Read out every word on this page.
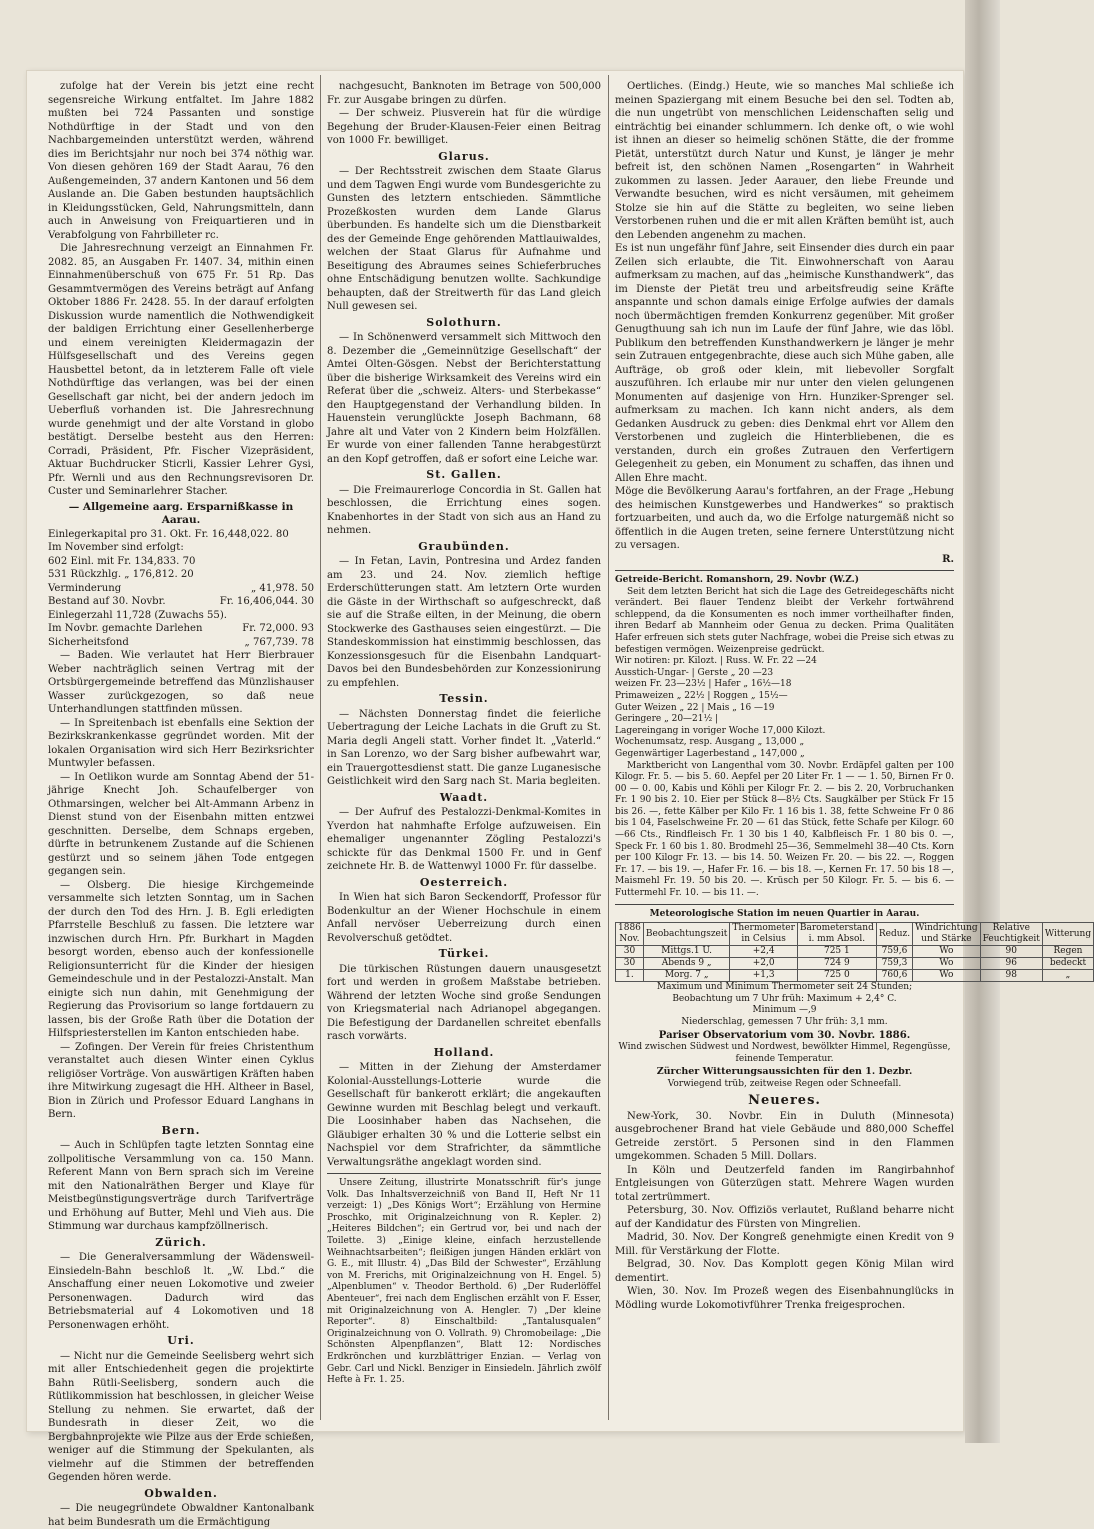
zufolge hat der Verein bis jetzt eine recht segensreiche Wirkung entfaltet. Im Jahre 1882 mußten bei 724 Passanten und sonstige Nothdürftige in der Stadt und von den Nachbargemeinden unterstützt werden, während dies im Berichtsjahr nur noch bei 374 nöthig war. Von diesen gehören 169 der Stadt Aarau, 76 den Außengemeinden, 37 andern Kantonen und 56 dem Auslande an. Die Gaben bestunden hauptsächlich in Kleidungsstücken, Geld, Nahrungsmitteln, dann auch in Anweisung von Freiquartieren und in Verabfolgung von Fahrbilleter rc.

Die Jahresrechnung verzeigt an Einnahmen Fr. 2082. 85, an Ausgaben Fr. 1407. 34, mithin einen Einnahmenüberschuß von 675 Fr. 51 Rp. Das Gesammtvermögen des Vereins beträgt auf Anfang Oktober 1886 Fr. 2428. 55. In der darauf erfolgten Diskussion wurde namentlich die Nothwendigkeit der baldigen Errichtung einer Gesellenherberge und einem vereinigten Kleidermagazin der Hülfsgesellschaft und des Vereins gegen Hausbettel betont, da in letzterem Falle oft viele Nothdürftige das verlangen, was bei der einen Gesellschaft gar nicht, bei der andern jedoch im Ueberfluß vorhanden ist. Die Jahresrechnung wurde genehmigt und der alte Vorstand in globo bestätigt. Derselbe besteht aus den Herren: Corradi, Präsident, Pfr. Fischer Vizepräsident, Aktuar Buchdrucker Sticrli, Kassier Lehrer Gysi, Pfr. Wernli und aus den Rechnungsrevisoren Dr. Custer und Seminarlehrer Stacher.

— Allgemeine aarg. Ersparnißkasse in Aarau.
Einlegerkapital pro 31. Okt. Fr. 16,448,022. 80
Im November sind erfolgt:
602 Einl. mit Fr. 134,833. 70
531 Rückzhlg. „ 176,812. 20
Verminderung	„ 41,978. 50
Bestand auf 30. Novbr.	Fr. 16,406,044. 30
Einlegerzahl 11,728 (Zuwachs 55).
Im Novbr. gemachte Darlehen	Fr. 72,000. 93
Sicherheitsfond	„ 767,739. 78

— Baden. Wie verlautet hat Herr Bierbrauer Weber nachträglich seinen Vertrag mit der Ortsbürgergemeinde betreffend das Münzlishauser Wasser zurückgezogen, so daß neue Unterhandlungen stattfinden müssen.

— In Spreitenbach ist ebenfalls eine Sektion der Bezirkskrankenkasse gegründet worden. Mit der lokalen Organisation wird sich Herr Bezirksrichter Muntwyler befassen.

— In Oetlikon wurde am Sonntag Abend der 51-jährige Knecht Joh. Schaufelberger von Othmarsingen, welcher bei Alt-Ammann Arbenz in Dienst stund von der Eisenbahn mitten entzwei geschnitten. Derselbe, dem Schnaps ergeben, dürfte in betrunkenem Zustande auf die Schienen gestürzt und so seinem jähen Tode entgegen gegangen sein.

— Olsberg. Die hiesige Kirchgemeinde versammelte sich letzten Sonntag, um in Sachen der durch den Tod des Hrn. J. B. Egli erledigten Pfarrstelle Beschluß zu fassen. Die letztere war inzwischen durch Hrn. Pfr. Burkhart in Magden besorgt worden, ebenso auch der konfessionelle Religionsunterricht für die Kinder der hiesigen Gemeindeschule und in der Pestalozzi-Anstalt. Man einigte sich nun dahin, mit Genehmigung der Regierung das Provisorium so lange fortdauern zu lassen, bis der Große Rath über die Dotation der Hilfspriesterstellen im Kanton entschieden habe.

— Zofingen. Der Verein für freies Christenthum veranstaltet auch diesen Winter einen Cyklus religiöser Vorträge. Von auswärtigen Kräften haben ihre Mitwirkung zugesagt die HH. Altheer in Basel, Bion in Zürich und Professor Eduard Langhans in Bern.

Bern.

— Auch in Schlüpfen tagte letzten Sonntag eine zollpolitische Versammlung von ca. 150 Mann. Referent Mann von Bern sprach sich im Vereine mit den Nationalräthen Berger und Klaye für Meistbegünstigungsverträge durch Tarifverträge und Erhöhung auf Butter, Mehl und Vieh aus. Die Stimmung war durchaus kampfzöllnerisch.

Zürich.

— Die Generalversammlung der Wädensweil-Einsiedeln-Bahn beschloß lt. „W. Lbd.“ die Anschaffung einer neuen Lokomotive und zweier Personenwagen. Dadurch wird das Betriebsmaterial auf 4 Lokomotiven und 18 Personenwagen erhöht.

Uri.

— Nicht nur die Gemeinde Seelisberg wehrt sich mit aller Entschiedenheit gegen die projektirte Bahn Rütli-Seelisberg, sondern auch die Rütlikommission hat beschlossen, in gleicher Weise Stellung zu nehmen. Sie erwartet, daß der Bundesrath in dieser Zeit, wo die Bergbahnprojekte wie Pilze aus der Erde schießen, weniger auf die Stimmung der Spekulanten, als vielmehr auf die Stimmen der betreffenden Gegenden hören werde.

Obwalden.

— Die neugegründete Obwaldner Kantonalbank hat beim Bundesrath um die Ermächtigung

nachgesucht, Banknoten im Betrage von 500,000 Fr. zur Ausgabe bringen zu dürfen.

— Der schweiz. Piusverein hat für die würdige Begehung der Bruder-Klausen-Feier einen Beitrag von 1000 Fr. bewilliget.

Glarus.

— Der Rechtsstreit zwischen dem Staate Glarus und dem Tagwen Engi wurde vom Bundesgerichte zu Gunsten des letztern entschieden. Sämmtliche Prozeßkosten wurden dem Lande Glarus überbunden. Es handelte sich um die Dienstbarkeit des der Gemeinde Enge gehörenden Mattlauiwaldes, welchen der Staat Glarus für Aufnahme und Beseitigung des Abraumes seines Schieferbruches ohne Entschädigung benutzen wollte. Sachkundige behaupten, daß der Streitwerth für das Land gleich Null gewesen sei.

Solothurn.

— In Schönenwerd versammelt sich Mittwoch den 8. Dezember die „Gemeinnützige Gesellschaft“ der Amtei Olten-Gösgen. Nebst der Berichterstattung über die bisherige Wirksamkeit des Vereins wird ein Referat über die „schweiz. Alters- und Sterbekasse“ den Hauptgegenstand der Verhandlung bilden. In Hauenstein verunglückte Joseph Bachmann, 68 Jahre alt und Vater von 2 Kindern beim Holzfällen. Er wurde von einer fallenden Tanne herabgestürzt an den Kopf getroffen, daß er sofort eine Leiche war.

St. Gallen.

— Die Freimaurerloge Concordia in St. Gallen hat beschlossen, die Errichtung eines sogen. Knabenhortes in der Stadt von sich aus an Hand zu nehmen.

Graubünden.

— In Fetan, Lavin, Pontresina und Ardez fanden am 23. und 24. Nov. ziemlich heftige Erderschütterungen statt. Am letztern Orte wurden die Gäste in der Wirthschaft so aufgeschreckt, daß sie auf die Straße eilten, in der Meinung, die obern Stockwerke des Gasthauses seien eingestürzt. — Die Standeskommission hat einstimmig beschlossen, das Konzessionsgesuch für die Eisenbahn Landquart-Davos bei den Bundesbehörden zur Konzessionirung zu empfehlen.

Tessin.

— Nächsten Donnerstag findet die feierliche Uebertragung der Leiche Lachats in die Gruft zu St. Maria degli Angeli statt. Vorher findet lt. „Vaterld.“ in San Lorenzo, wo der Sarg bisher aufbewahrt war, ein Trauergottesdienst statt. Die ganze Luganesische Geistlichkeit wird den Sarg nach St. Maria begleiten.

Waadt.

— Der Aufruf des Pestalozzi-Denkmal-Komites in Yverdon hat nahmhafte Erfolge aufzuweisen. Ein ehemaliger ungenannter Zögling Pestalozzi's schickte für das Denkmal 1500 Fr. und in Genf zeichnete Hr. B. de Wattenwyl 1000 Fr. für dasselbe.

Oesterreich.

In Wien hat sich Baron Seckendorff, Professor für Bodenkultur an der Wiener Hochschule in einem Anfall nervöser Ueberreizung durch einen Revolverschuß getödtet.

Türkei.

Die türkischen Rüstungen dauern unausgesetzt fort und werden in großem Maßstabe betrieben. Während der letzten Woche sind große Sendungen von Kriegsmaterial nach Adrianopel abgegangen. Die Befestigung der Dardanellen schreitet ebenfalls rasch vorwärts.

Holland.

— Mitten in der Ziehung der Amsterdamer Kolonial-Ausstellungs-Lotterie wurde die Gesellschaft für bankerott erklärt; die angekauften Gewinne wurden mit Beschlag belegt und verkauft. Die Loosinhaber haben das Nachsehen, die Gläubiger erhalten 30 % und die Lotterie selbst ein Nachspiel vor dem Strafrichter, da sämmtliche Verwaltungsräthe angeklagt worden sind.

Unsere Zeitung, illustrirte Monatsschrift für's junge Volk. Das Inhaltsverzeichniß von Band II, Heft Nr 11 verzeigt: 1) „Des Königs Wort“; Erzählung von Hermine Proschko, mit Originalzeichnung von R. Kepler. 2) „Heiteres Bildchen“; ein Gertrud vor, bei und nach der Toilette. 3) „Einige kleine, einfach herzustellende Weihnachtsarbeiten“; fleißigen jungen Händen erklärt von G. E., mit Illustr. 4) „Das Bild der Schwester“, Erzählung von M. Frerichs, mit Originalzeichnung von H. Engel. 5) „Alpenblumen“ v. Theodor Berthold. 6) „Der Ruderlöffel Abenteuer“, frei nach dem Englischen erzählt von F. Esser, mit Originalzeichnung von A. Hengler. 7) „Der kleine Reporter“. 8) Einschaltbild: „Tantalusqualen“ Originalzeichnung von O. Vollrath. 9) Chromobeilage: „Die Schönsten Alpenpflanzen“, Blatt 12: Nordisches Erdkrönchen und kurzblättriger Enzian. — Verlag von Gebr. Carl und Nickl. Benziger in Einsiedeln. Jährlich zwölf Hefte à Fr. 1. 25.

Oertliches. (Eindg.) Heute, wie so manches Mal schließe ich meinen Spaziergang mit einem Besuche bei den sel. Todten ab, die nun ungetrübt von menschlichen Leidenschaften selig und einträchtig bei einander schlummern. Ich denke oft, o wie wohl ist ihnen an dieser so heimelig schönen Stätte, die der fromme Pietät, unterstützt durch Natur und Kunst, je länger je mehr befreit ist, den schönen Namen „Rosengarten“ in Wahrheit zukommen zu lassen. Jeder Aarauer, den liebe Freunde und Verwandte besuchen, wird es nicht versäumen, mit geheimem Stolze sie hin auf die Stätte zu begleiten, wo seine lieben Verstorbenen ruhen und die er mit allen Kräften bemüht ist, auch den Lebenden angenehm zu machen.
Es ist nun ungefähr fünf Jahre, seit Einsender dies durch ein paar Zeilen sich erlaubte, die Tit. Einwohnerschaft von Aarau aufmerksam zu machen, auf das „heimische Kunsthandwerk“, das im Dienste der Pietät treu und arbeitsfreudig seine Kräfte anspannte und schon damals einige Erfolge aufwies der damals noch übermächtigen fremden Konkurrenz gegenüber. Mit großer Genugthuung sah ich nun im Laufe der fünf Jahre, wie das löbl. Publikum den betreffenden Kunsthandwerkern je länger je mehr sein Zutrauen entgegenbrachte, diese auch sich Mühe gaben, alle Aufträge, ob groß oder klein, mit liebevoller Sorgfalt auszuführen. Ich erlaube mir nur unter den vielen gelungenen Monumenten auf dasjenige von Hrn. Hunziker-Sprenger sel. aufmerksam zu machen. Ich kann nicht anders, als dem Gedanken Ausdruck zu geben: dies Denkmal ehrt vor Allem den Verstorbenen und zugleich die Hinterbliebenen, die es verstanden, durch ein großes Zutrauen den Verfertigern Gelegenheit zu geben, ein Monument zu schaffen, das ihnen und Allen Ehre macht.
Möge die Bevölkerung Aarau's fortfahren, an der Frage „Hebung des heimischen Kunstgewerbes und Handwerkes“ so praktisch fortzuarbeiten, und auch da, wo die Erfolge naturgemäß nicht so öffentlich in die Augen treten, seine fernere Unterstützung nicht zu versagen.

R.
Getreide-Bericht. Romanshorn, 29. Novbr (W.Z.)

Seit dem letzten Bericht hat sich die Lage des Getreidegeschäfts nicht verändert. Bei flauer Tendenz bleibt der Verkehr fortwährend schleppend, da die Konsumenten es noch immer vortheilhafter finden, ihren Bedarf ab Mannheim oder Genua zu decken. Prima Qualitäten Hafer erfreuen sich stets guter Nachfrage, wobei die Preise sich etwas zu befestigen vermögen. Weizenpreise gedrückt.

Wir notiren: pr. Kilozt. | Russ. W. Fr. 22 —24
Ausstich-Ungar- | Gerste „ 20 —23
weizen Fr. 23—23½ | Hafer „ 16½—18
Primaweizen „ 22½ | Roggen „ 15½—
Guter Weizen „ 22 | Mais „ 16 —19
Geringere „ 20—21½ |
Lagereingang in voriger Woche 17,000 Kilozt.
Wochenumsatz, resp. Ausgang „ 13,000 „
Gegenwärtiger Lagerbestand „ 147,000 „

Marktbericht von Langenthal vom 30. Novbr. Erdäpfel galten per 100 Kilogr. Fr. 5. — bis 5. 60. Aepfel per 20 Liter Fr. 1 — — 1. 50, Birnen Fr 0. 00 — 0. 00, Kabis und Köhli per Kilogr Fr. 2. — bis 2. 20, Vorbruchanken Fr. 1 90 bis 2. 10. Eier per Stück 8—8½ Cts. Saugkälber per Stück Fr 15 bis 26. —, fette Kälber per Kilo Fr. 1 16 bis 1. 38, fette Schweine Fr 0 86 bis 1 04, Faselschweine Fr. 20 — 61 das Stück, fette Schafe per Kilogr. 60—66 Cts., Rindfleisch Fr. 1 30 bis 1 40, Kalbfleisch Fr. 1 80 bis 0. —, Speck Fr. 1 60 bis 1. 80. Brodmehl 25—36, Semmelmehl 38—40 Cts. Korn per 100 Kilogr Fr. 13. — bis 14. 50. Weizen Fr. 20. — bis 22. —, Roggen Fr. 17. — bis 19. —, Hafer Fr. 16. — bis 18. —, Kernen Fr. 17. 50 bis 18 —, Maismehl Fr. 19. 50 bis 20. —. Krüsch per 50 Kilogr. Fr. 5. — bis 6. — Futtermehl Fr. 10. — bis 11. —.

Meteorologische Station im neuen Quartier in Aarau.
1886 Nov.	Beobachtungszeit	Thermometer in Celsius	Barometerstand i. mm Absol.	Reduz.	Windrichtung und Stärke	Relative Feuchtigkeit	Witterung
30	Mittgs.1 U.	+2,4	725 1	759,6	Wo	90	Regen
30	Abends 9 „	+2,0	724 9	759,3	Wo	96	bedeckt
1.	Morg. 7 „	+1,3	725 0	760,6	Wo	98	„
Maximum und Minimum Thermometer seit 24 Stunden;
Beobachtung um 7 Uhr früh: Maximum + 2,4° C.
Minimum —,9
Niederschlag, gemessen 7 Uhr früh: 3,1 mm.
Pariser Observatorium vom 30. Novbr. 1886.
Wind zwischen Südwest und Nordwest, bewölkter Himmel, Regengüsse, feinende Temperatur.
Zürcher Witterungsaussichten für den 1. Dezbr.
Vorwiegend trüb, zeitweise Regen oder Schneefall.
Neueres.

New-York, 30. Novbr. Ein in Duluth (Minnesota) ausgebrochener Brand hat viele Gebäude und 880,000 Scheffel Getreide zerstört. 5 Personen sind in den Flammen umgekommen. Schaden 5 Mill. Dollars.

In Köln und Deutzerfeld fanden im Rangirbahnhof Entgleisungen von Güterzügen statt. Mehrere Wagen wurden total zertrümmert.

Petersburg, 30. Nov. Offiziös verlautet, Rußland beharre nicht auf der Kandidatur des Fürsten von Mingrelien.

Madrid, 30. Nov. Der Kongreß genehmigte einen Kredit von 9 Mill. für Verstärkung der Flotte.

Belgrad, 30. Nov. Das Komplott gegen König Milan wird dementirt.

Wien, 30. Nov. Im Prozeß wegen des Eisenbahnunglücks in Mödling wurde Lokomotivführer Trenka freigesprochen.
